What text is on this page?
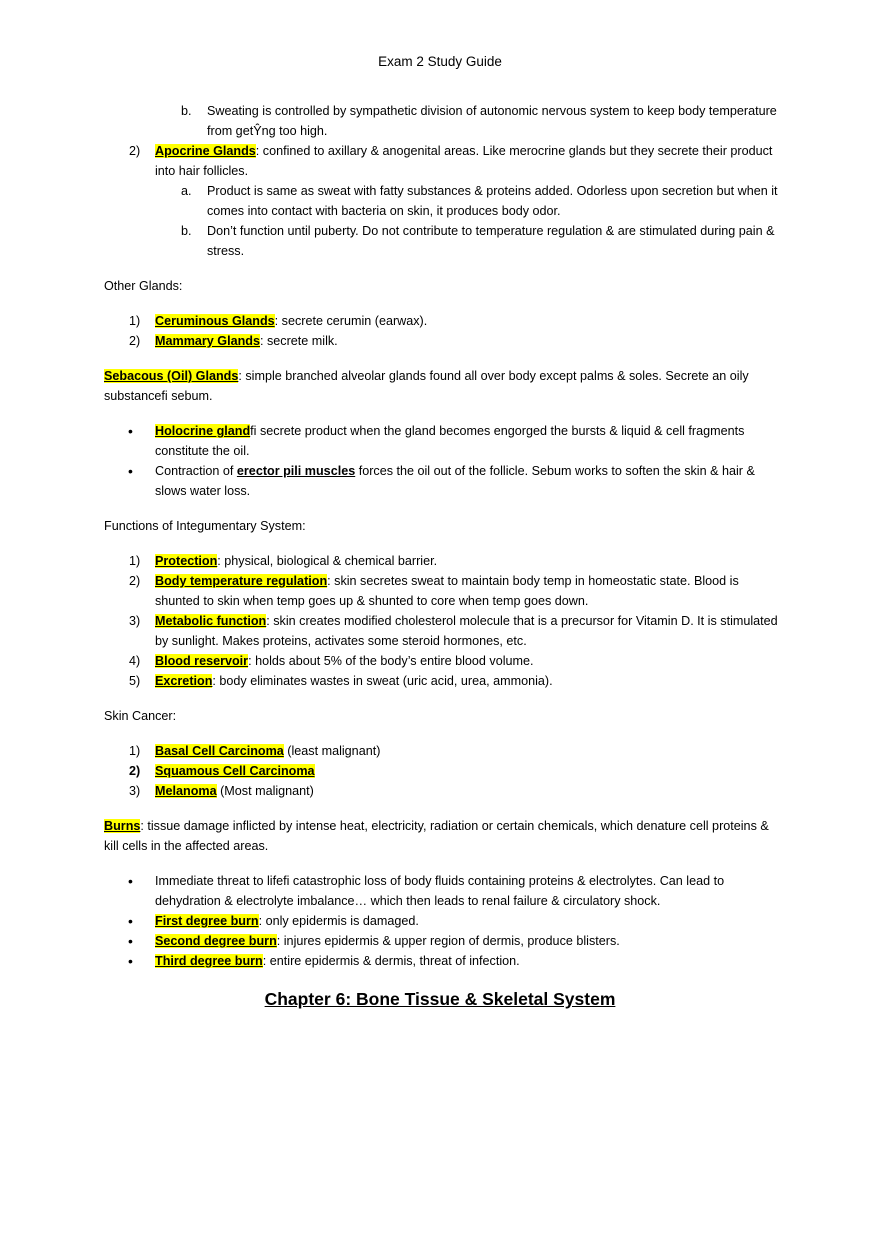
Exam 2 Study Guide
b. Sweating is controlled by sympathetic division of autonomic nervous system to keep body temperature from getŶng too high.
2) Apocrine Glands: confined to axillary & anogenital areas. Like merocrine glands but they secrete their product into hair follicles.
a. Product is same as sweat with fatty substances & proteins added. Odorless upon secretion but when it comes into contact with bacteria on skin, it produces body odor.
b. Don’t function until puberty. Do not contribute to temperature regulation & are stimulated during pain & stress.

Other Glands:

1) Ceruminous Glands: secrete cerumin (earwax).
2) Mammary Glands: secrete milk.

Sebacous (Oil) Glands: simple branched alveolar glands found all over body except palms & soles. Secrete an oily substanceﬁ sebum.

• Holocrine glandﬁ secrete product when the gland becomes engorged the bursts & liquid & cell fragments constitute the oil.
• Contraction of erector pili muscles forces the oil out of the follicle. Sebum works to soften the skin & hair & slows water loss.

Functions of Integumentary System:

1) Protection: physical, biological & chemical barrier.
2) Body temperature regulation: skin secretes sweat to maintain body temp in homeostatic state. Blood is shunted to skin when temp goes up & shunted to core when temp goes down.
3) Metabolic function: skin creates modified cholesterol molecule that is a precursor for Vitamin D. It is stimulated by sunlight. Makes proteins, activates some steroid hormones, etc.
4) Blood reservoir: holds about 5% of the body’s entire blood volume.
5) Excretion: body eliminates wastes in sweat (uric acid, urea, ammonia).

Skin Cancer:

1) Basal Cell Carcinoma (least malignant)
2) Squamous Cell Carcinoma
3) Melanoma (Most malignant)

Burns: tissue damage inflicted by intense heat, electricity, radiation or certain chemicals, which denature cell proteins & kill cells in the affected areas.

• Immediate threat to lifeﬁ catastrophic loss of body fluids containing proteins & electrolytes. Can lead to dehydration & electrolyte imbalance… which then leads to renal failure & circulatory shock.
• First degree burn: only epidermis is damaged.
• Second degree burn: injures epidermis & upper region of dermis, produce blisters.
• Third degree burn: entire epidermis & dermis, threat of infection.
Chapter 6: Bone Tissue & Skeletal System
